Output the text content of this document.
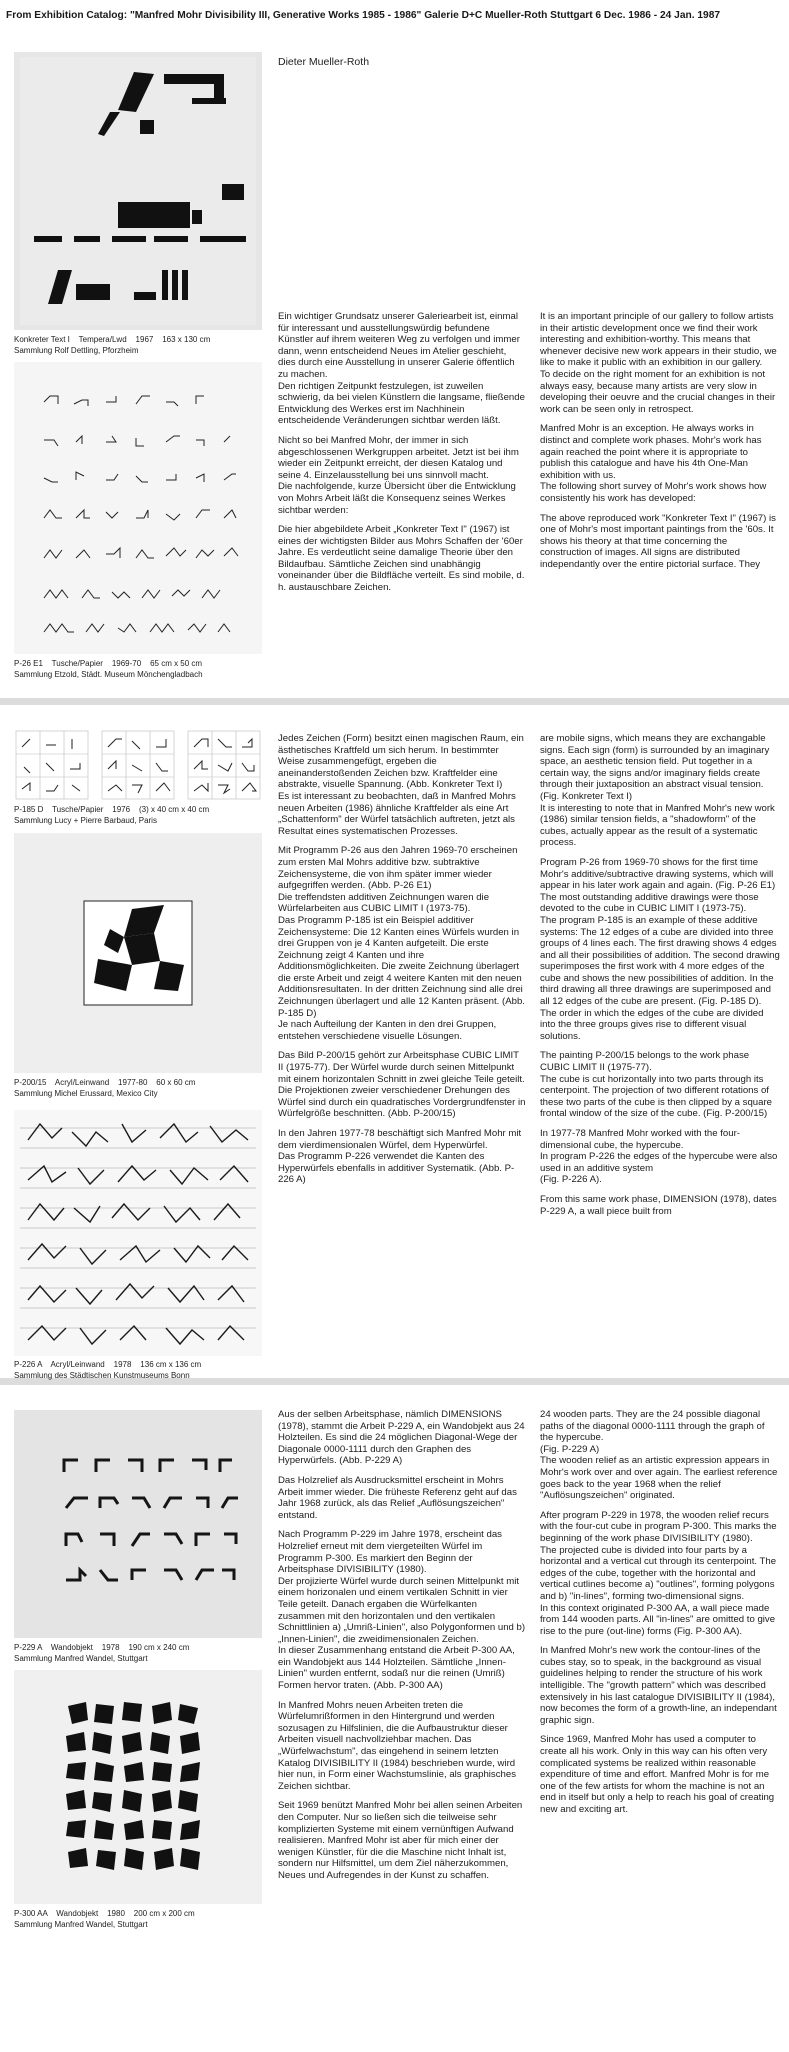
From Exhibition Catalog: "Manfred Mohr Divisibility III, Generative Works 1985 - 1986" Galerie D+C Mueller-Roth Stuttgart 6 Dec. 1986 - 24 Jan. 1987
Dieter Mueller-Roth
Konkreter Text I    Tempera/Lwd    1967    163 x 130 cm
Sammlung Rolf Dettling, Pforzheim
P-26 E1    Tusche/Papier    1969-70    65 cm x 50 cm
Sammlung Etzold, Städt. Museum Mönchengladbach
P-185 D    Tusche/Papier    1976    (3) x 40 cm x 40 cm
Sammlung Lucy + Pierre Barbaud, Paris
P-200/15    Acryl/Leinwand    1977-80    60 x 60 cm
Sammlung Michel Erussard, Mexico City
P-226 A    Acryl/Leinwand    1978    136 cm x 136 cm
Sammlung des Städtischen Kunstmuseums Bonn
P-229 A    Wandobjekt    1978    190 cm x 240 cm
Sammlung Manfred Wandel, Stuttgart
P-300 AA    Wandobjekt    1980    200 cm x 200 cm
Sammlung Manfred Wandel, Stuttgart

Ein wichtiger Grundsatz unserer Galeriearbeit ist, einmal für interessant und ausstellungswürdig befundene Künstler auf ihrem weiteren Weg zu verfolgen und immer dann, wenn entscheidend Neues im Atelier geschieht, dies durch eine Ausstellung in unserer Galerie öffentlich zu machen.
Den richtigen Zeitpunkt festzulegen, ist zuweilen schwierig, da bei vielen Künstlern die langsame, fließende Entwicklung des Werkes erst im Nachhinein entscheidende Veränderungen sichtbar werden läßt.

Nicht so bei Manfred Mohr, der immer in sich abgeschlossenen Werkgruppen arbeitet. Jetzt ist bei ihm wieder ein Zeitpunkt erreicht, der diesen Katalog und seine 4. Einzelausstellung bei uns sinnvoll macht.
Die nachfolgende, kurze Übersicht über die Entwicklung von Mohrs Arbeit läßt die Konsequenz seines Werkes sichtbar werden:

Die hier abgebildete Arbeit „Konkreter Text I" (1967) ist eines der wichtigsten Bilder aus Mohrs Schaffen der '60er Jahre. Es verdeutlicht seine damalige Theorie über den Bildaufbau. Sämtliche Zeichen sind unabhängig voneinander über die Bildfläche verteilt. Es sind mobile, d. h. austauschbare Zeichen.

It is an important principle of our gallery to follow artists in their artistic development once we find their work interesting and exhibition-worthy. This means that whenever decisive new work appears in their studio, we like to make it public with an exhibition in our gallery.
To decide on the right moment for an exhibition is not always easy, because many artists are very slow in developing their oeuvre and the crucial changes in their work can be seen only in retrospect.

Manfred Mohr is an exception. He always works in distinct and complete work phases. Mohr's work has again reached the point where it is appropriate to publish this catalogue and have his 4th One-Man exhibition with us.
The following short survey of Mohr's work shows how consistently his work has developed:

The above reproduced work "Konkreter Text I" (1967) is one of Mohr's most important paintings from the '60s. It shows his theory at that time concerning the construction of images. All signs are distributed independantly over the entire pictorial surface. They

Jedes Zeichen (Form) besitzt einen magischen Raum, ein ästhetisches Kraftfeld um sich herum. In bestimmter Weise zusammengefügt, ergeben die aneinanderstoßenden Zeichen bzw. Kraftfelder eine abstrakte, visuelle Spannung. (Abb. Konkreter Text I)
Es ist interessant zu beobachten, daß in Manfred Mohrs neuen Arbeiten (1986) ähnliche Kraftfelder als eine Art „Schattenform" der Würfel tatsächlich auftreten, jetzt als Resultat eines systematischen Prozesses.

Mit Programm P-26 aus den Jahren 1969-70 erscheinen zum ersten Mal Mohrs additive bzw. subtraktive Zeichensysteme, die von ihm später immer wieder aufgegriffen werden. (Abb. P-26 E1)
Die treffendsten additiven Zeichnungen waren die Würfelarbeiten aus CUBIC LIMIT I (1973-75).
Das Programm P-185 ist ein Beispiel additiver Zeichensysteme: Die 12 Kanten eines Würfels wurden in drei Gruppen von je 4 Kanten aufgeteilt. Die erste Zeichnung zeigt 4 Kanten und ihre Additionsmöglichkeiten. Die zweite Zeichnung überlagert die erste Arbeit und zeigt 4 weitere Kanten mit den neuen Additionsresultaten. In der dritten Zeichnung sind alle drei Zeichnungen überlagert und alle 12 Kanten präsent. (Abb. P-185 D)
Je nach Aufteilung der Kanten in den drei Gruppen, entstehen verschiedene visuelle Lösungen.

Das Bild P-200/15 gehört zur Arbeitsphase CUBIC LIMIT II (1975-77). Der Würfel wurde durch seinen Mittelpunkt mit einem horizontalen Schnitt in zwei gleiche Teile geteilt. Die Projektionen zweier verschiedener Drehungen des Würfel sind durch ein quadratisches Vordergrundfenster in Würfelgröße beschnitten. (Abb. P-200/15)

In den Jahren 1977-78 beschäftigt sich Manfred Mohr mit dem vierdimensionalen Würfel, dem Hyperwürfel.
Das Programm P-226 verwendet die Kanten des Hyperwürfels ebenfalls in additiver Systematik. (Abb. P-226 A)

are mobile signs, which means they are exchangable signs. Each sign (form) is surrounded by an imaginary space, an aesthetic tension field. Put together in a certain way, the signs and/or imaginary fields create through their juxtaposition an abstract visual tension. (Fig. Konkreter Text I)
It is interesting to note that in Manfred Mohr's new work (1986) similar tension fields, a "shadowform" of the cubes, actually appear as the result of a systematic process.

Program P-26 from 1969-70 shows for the first time Mohr's additive/subtractive drawing systems, which will appear in his later work again and again. (Fig. P-26 E1)
The most outstanding additive drawings were those devoted to the cube in CUBIC LIMIT I (1973-75).
The program P-185 is an example of these additive systems: The 12 edges of a cube are divided into three groups of 4 lines each. The first drawing shows 4 edges and all their possibilities of addition. The second drawing superimposes the first work with 4 more edges of the cube and shows the new possibilities of addition. In the third drawing all three drawings are superimposed and all 12 edges of the cube are present. (Fig. P-185 D).
The order in which the edges of the cube are divided into the three groups gives rise to different visual solutions.

The painting P-200/15 belongs to the work phase CUBIC LIMIT II (1975-77).
The cube is cut horizontally into two parts through its centerpoint. The projection of two different rotations of these two parts of the cube is then clipped by a square frontal window of the size of the cube. (Fig. P-200/15)

In 1977-78 Manfred Mohr worked with the four-dimensional cube, the hypercube.
In program P-226 the edges of the hypercube were also used in an additive system
(Fig. P-226 A).

From this same work phase, DIMENSION (1978), dates P-229 A, a wall piece built from

Aus der selben Arbeitsphase, nämlich DIMENSIONS (1978), stammt die Arbeit P-229 A, ein Wandobjekt aus 24 Holzteilen. Es sind die 24 möglichen Diagonal-Wege der Diagonale 0000-1111 durch den Graphen des Hyperwürfels. (Abb. P-229 A)

Das Holzrelief als Ausdrucksmittel erscheint in Mohrs Arbeit immer wieder. Die früheste Referenz geht auf das Jahr 1968 zurück, als das Relief „Auflösungszeichen" entstand.

Nach Programm P-229 im Jahre 1978, erscheint das Holzrelief erneut mit dem viergeteilten Würfel im Programm P-300. Es markiert den Beginn der Arbeitsphase DIVISIBILITY (1980).
Der projizierte Würfel wurde durch seinen Mittelpunkt mit einem horizonalen und einem vertikalen Schnitt in vier Teile geteilt. Danach ergaben die Würfelkanten zusammen mit den horizontalen und den vertikalen Schnittlinien a) „Umriß-Linien", also Polygonformen und b) „Innen-Linien", die zweidimensionalen Zeichen.
In dieser Zusammenhang entstand die Arbeit P-300 AA, ein Wandobjekt aus 144 Holzteilen. Sämtliche „Innen-Linien" wurden entfernt, sodaß nur die reinen (Umriß) Formen hervor traten. (Abb. P-300 AA)

In Manfred Mohrs neuen Arbeiten treten die Würfelumrißformen in den Hintergrund und werden sozusagen zu Hilfslinien, die die Aufbaustruktur dieser Arbeiten visuell nachvollziehbar machen. Das „Würfelwachstum", das eingehend in seinem letzten Katalog DIVISIBILITY II (1984) beschrieben wurde, wird hier nun, in Form einer Wachstumslinie, als graphisches Zeichen sichtbar.

Seit 1969 benützt Manfred Mohr bei allen seinen Arbeiten den Computer. Nur so ließen sich die teilweise sehr komplizierten Systeme mit einem vernünftigen Aufwand realisieren. Manfred Mohr ist aber für mich einer der wenigen Künstler, für die die Maschine nicht Inhalt ist, sondern nur Hilfsmittel, um dem Ziel näherzukommen, Neues und Aufregendes in der Kunst zu schaffen.

24 wooden parts. They are the 24 possible diagonal paths of the diagonal 0000-1111 through the graph of the hypercube.
(Fig. P-229 A)
The wooden relief as an artistic expression appears in Mohr's work over and over again. The earliest reference goes back to the year 1968 when the relief "Auflösungszeichen" originated.

After program P-229 in 1978, the wooden relief recurs with the four-cut cube in program P-300. This marks the beginning of the work phase DIVISIBILITY (1980).
The projected cube is divided into four parts by a horizontal and a vertical cut through its centerpoint. The edges of the cube, together with the horizontal and vertical cutlines become a) "outlines", forming polygons and b) "in-lines", forming two-dimensional signs.
In this context originated P-300 AA, a wall piece made from 144 wooden parts. All "in-lines" are omitted to give rise to the pure (out-line) forms (Fig. P-300 AA).

In Manfred Mohr's new work the contour-lines of the cubes stay, so to speak, in the background as visual guidelines helping to render the structure of his work intelligible. The "growth pattern" which was described extensively in his last catalogue DIVISIBILITY II (1984), now becomes the form of a growth-line, an independant graphic sign.

Since 1969, Manfred Mohr has used a computer to create all his work. Only in this way can his often very complicated systems be realized within reasonable expenditure of time and effort. Manfred Mohr is for me one of the few artists for whom the machine is not an end in itself but only a help to reach his goal of creating new and exciting art.
